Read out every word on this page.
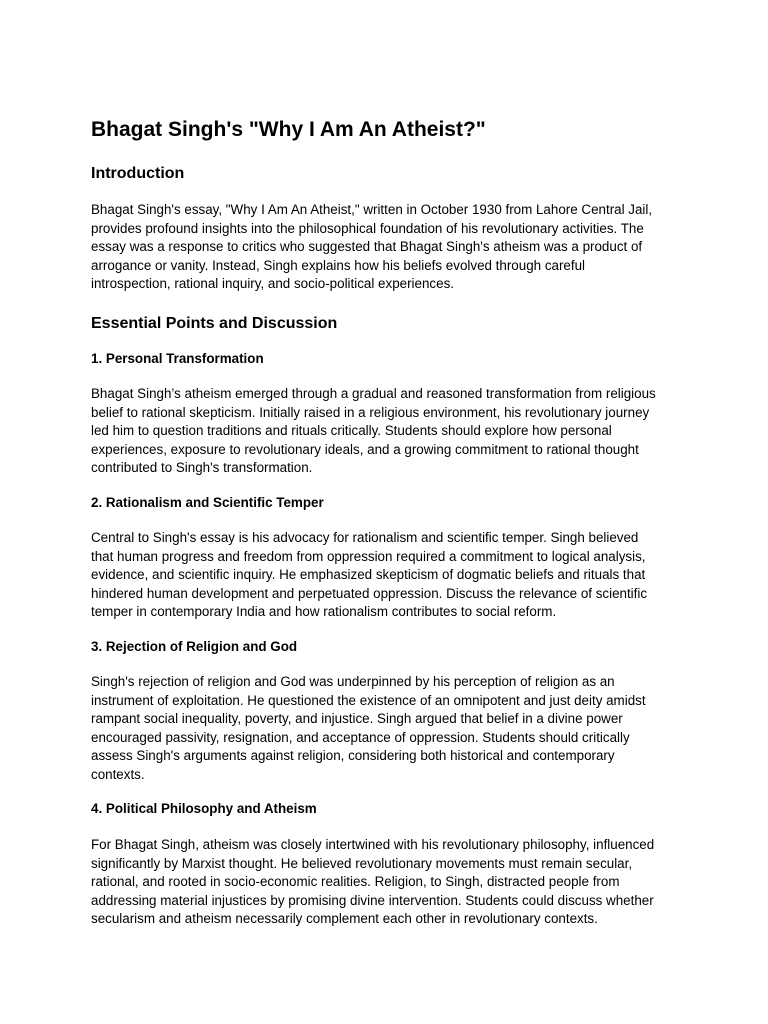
Bhagat Singh's "Why I Am An Atheist?"
Introduction

Bhagat Singh's essay, "Why I Am An Atheist," written in October 1930 from Lahore Central Jail,
provides profound insights into the philosophical foundation of his revolutionary activities. The
essay was a response to critics who suggested that Bhagat Singh's atheism was a product of
arrogance or vanity. Instead, Singh explains how his beliefs evolved through careful
introspection, rational inquiry, and socio-political experiences.

Essential Points and Discussion
1. Personal Transformation

Bhagat Singh’s atheism emerged through a gradual and reasoned transformation from religious
belief to rational skepticism. Initially raised in a religious environment, his revolutionary journey
led him to question traditions and rituals critically. Students should explore how personal
experiences, exposure to revolutionary ideals, and a growing commitment to rational thought
contributed to Singh's transformation.

2. Rationalism and Scientific Temper

Central to Singh's essay is his advocacy for rationalism and scientific temper. Singh believed
that human progress and freedom from oppression required a commitment to logical analysis,
evidence, and scientific inquiry. He emphasized skepticism of dogmatic beliefs and rituals that
hindered human development and perpetuated oppression. Discuss the relevance of scientific
temper in contemporary India and how rationalism contributes to social reform.

3. Rejection of Religion and God

Singh's rejection of religion and God was underpinned by his perception of religion as an
instrument of exploitation. He questioned the existence of an omnipotent and just deity amidst
rampant social inequality, poverty, and injustice. Singh argued that belief in a divine power
encouraged passivity, resignation, and acceptance of oppression. Students should critically
assess Singh's arguments against religion, considering both historical and contemporary
contexts.

4. Political Philosophy and Atheism

For Bhagat Singh, atheism was closely intertwined with his revolutionary philosophy, influenced
significantly by Marxist thought. He believed revolutionary movements must remain secular,
rational, and rooted in socio-economic realities. Religion, to Singh, distracted people from
addressing material injustices by promising divine intervention. Students could discuss whether
secularism and atheism necessarily complement each other in revolutionary contexts.
